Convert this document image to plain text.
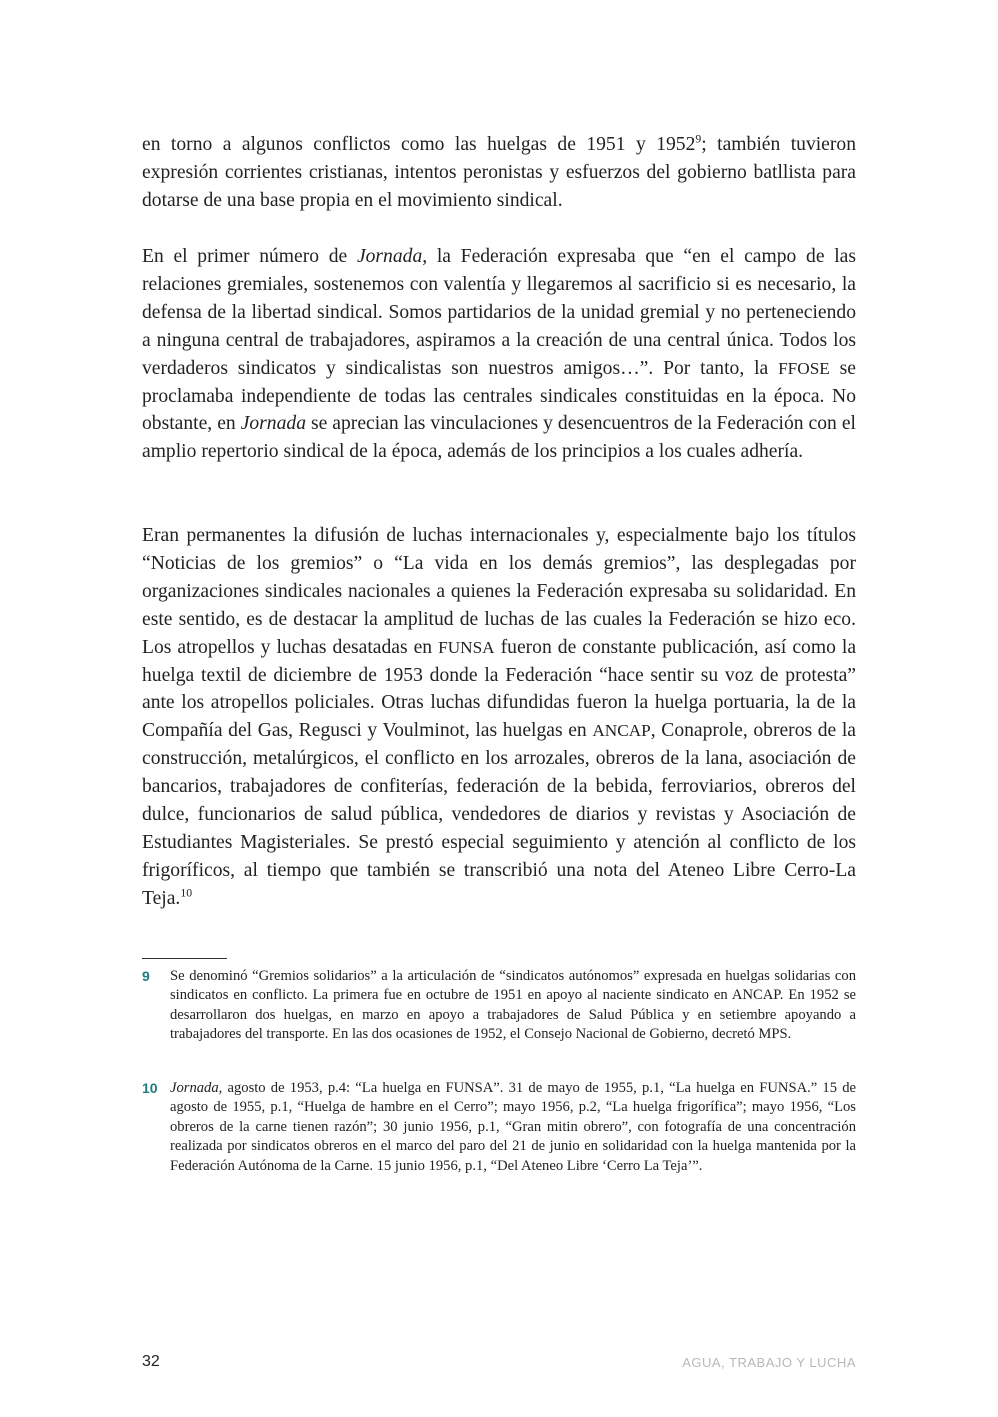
en torno a algunos conflictos como las huelgas de 1951 y 1952$^9$; también tuvieron expresión corrientes cristianas, intentos peronistas y esfuerzos del gobierno batllista para dotarse de una base propia en el movimiento sindical.

En el primer número de Jornada, la Federación expresaba que “en el campo de las relaciones gremiales, sostenemos con valentía y llegaremos al sacrificio si es necesario, la defensa de la libertad sindical. Somos partidarios de la unidad gremial y no perteneciendo a ninguna central de trabajadores, aspiramos a la creación de una central única. Todos los verdaderos sindicatos y sindicalistas son nuestros amigos…”. Por tanto, la FFOSE se proclamaba independiente de todas las centrales sindicales constituidas en la época. No obstante, en Jornada se aprecian las vinculaciones y desencuentros de la Federación con el amplio repertorio sindical de la época, además de los principios a los cuales adhería.

Eran permanentes la difusión de luchas internacionales y, especialmente bajo los títulos “Noticias de los gremios” o “La vida en los demás gremios”, las desplegadas por organizaciones sindicales nacionales a quienes la Federación expresaba su solidaridad. En este sentido, es de destacar la amplitud de luchas de las cuales la Federación se hizo eco. Los atropellos y luchas desatadas en FUNSA fueron de constante publicación, así como la huelga textil de diciembre de 1953 donde la Federación “hace sentir su voz de protesta” ante los atropellos policiales. Otras luchas difundidas fueron la huelga portuaria, la de la Compañía del Gas, Regusci y Voulminot, las huelgas en ANCAP, Conaprole, obreros de la construcción, metalúrgicos, el conflicto en los arrozales, obreros de la lana, asociación de bancarios, trabajadores de confiterías, federación de la bebida, ferroviarios, obreros del dulce, funcionarios de salud pública, vendedores de diarios y revistas y Asociación de Estudiantes Magisteriales. Se prestó especial seguimiento y atención al conflicto de los frigoríficos, al tiempo que también se transcribió una nota del Ateneo Libre Cerro-La Teja.$^{10}$

9	Se denominó “Gremios solidarios” a la articulación de “sindicatos autónomos” expresada en huelgas solidarias con sindicatos en conflicto. La primera fue en octubre de 1951 en apoyo al naciente sindicato en ANCAP. En 1952 se desarrollaron dos huelgas, en marzo en apoyo a trabajadores de Salud Pública y en setiembre apoyando a trabajadores del transporte. En las dos ocasiones de 1952, el Consejo Nacional de Gobierno, decretó MPS.
10 Jornada, agosto de 1953, p.4: “La huelga en FUNSA”. 31 de mayo de 1955, p.1, “La huelga en FUNSA.” 15 de agosto de 1955, p.1, “Huelga de hambre en el Cerro”; mayo 1956, p.2, “La huelga frigorífica”; mayo 1956, “Los obreros de la carne tienen razón”; 30 junio 1956, p.1, “Gran mitin obrero”, con fotografía de una concentración realizada por sindicatos obreros en el marco del paro del 21 de junio en solidaridad con la huelga mantenida por la Federación Autónoma de la Carne. 15 junio 1956, p.1, “Del Ateneo Libre ‘Cerro La Teja’”.
32	AGUA, TRABAJO Y LUCHA
